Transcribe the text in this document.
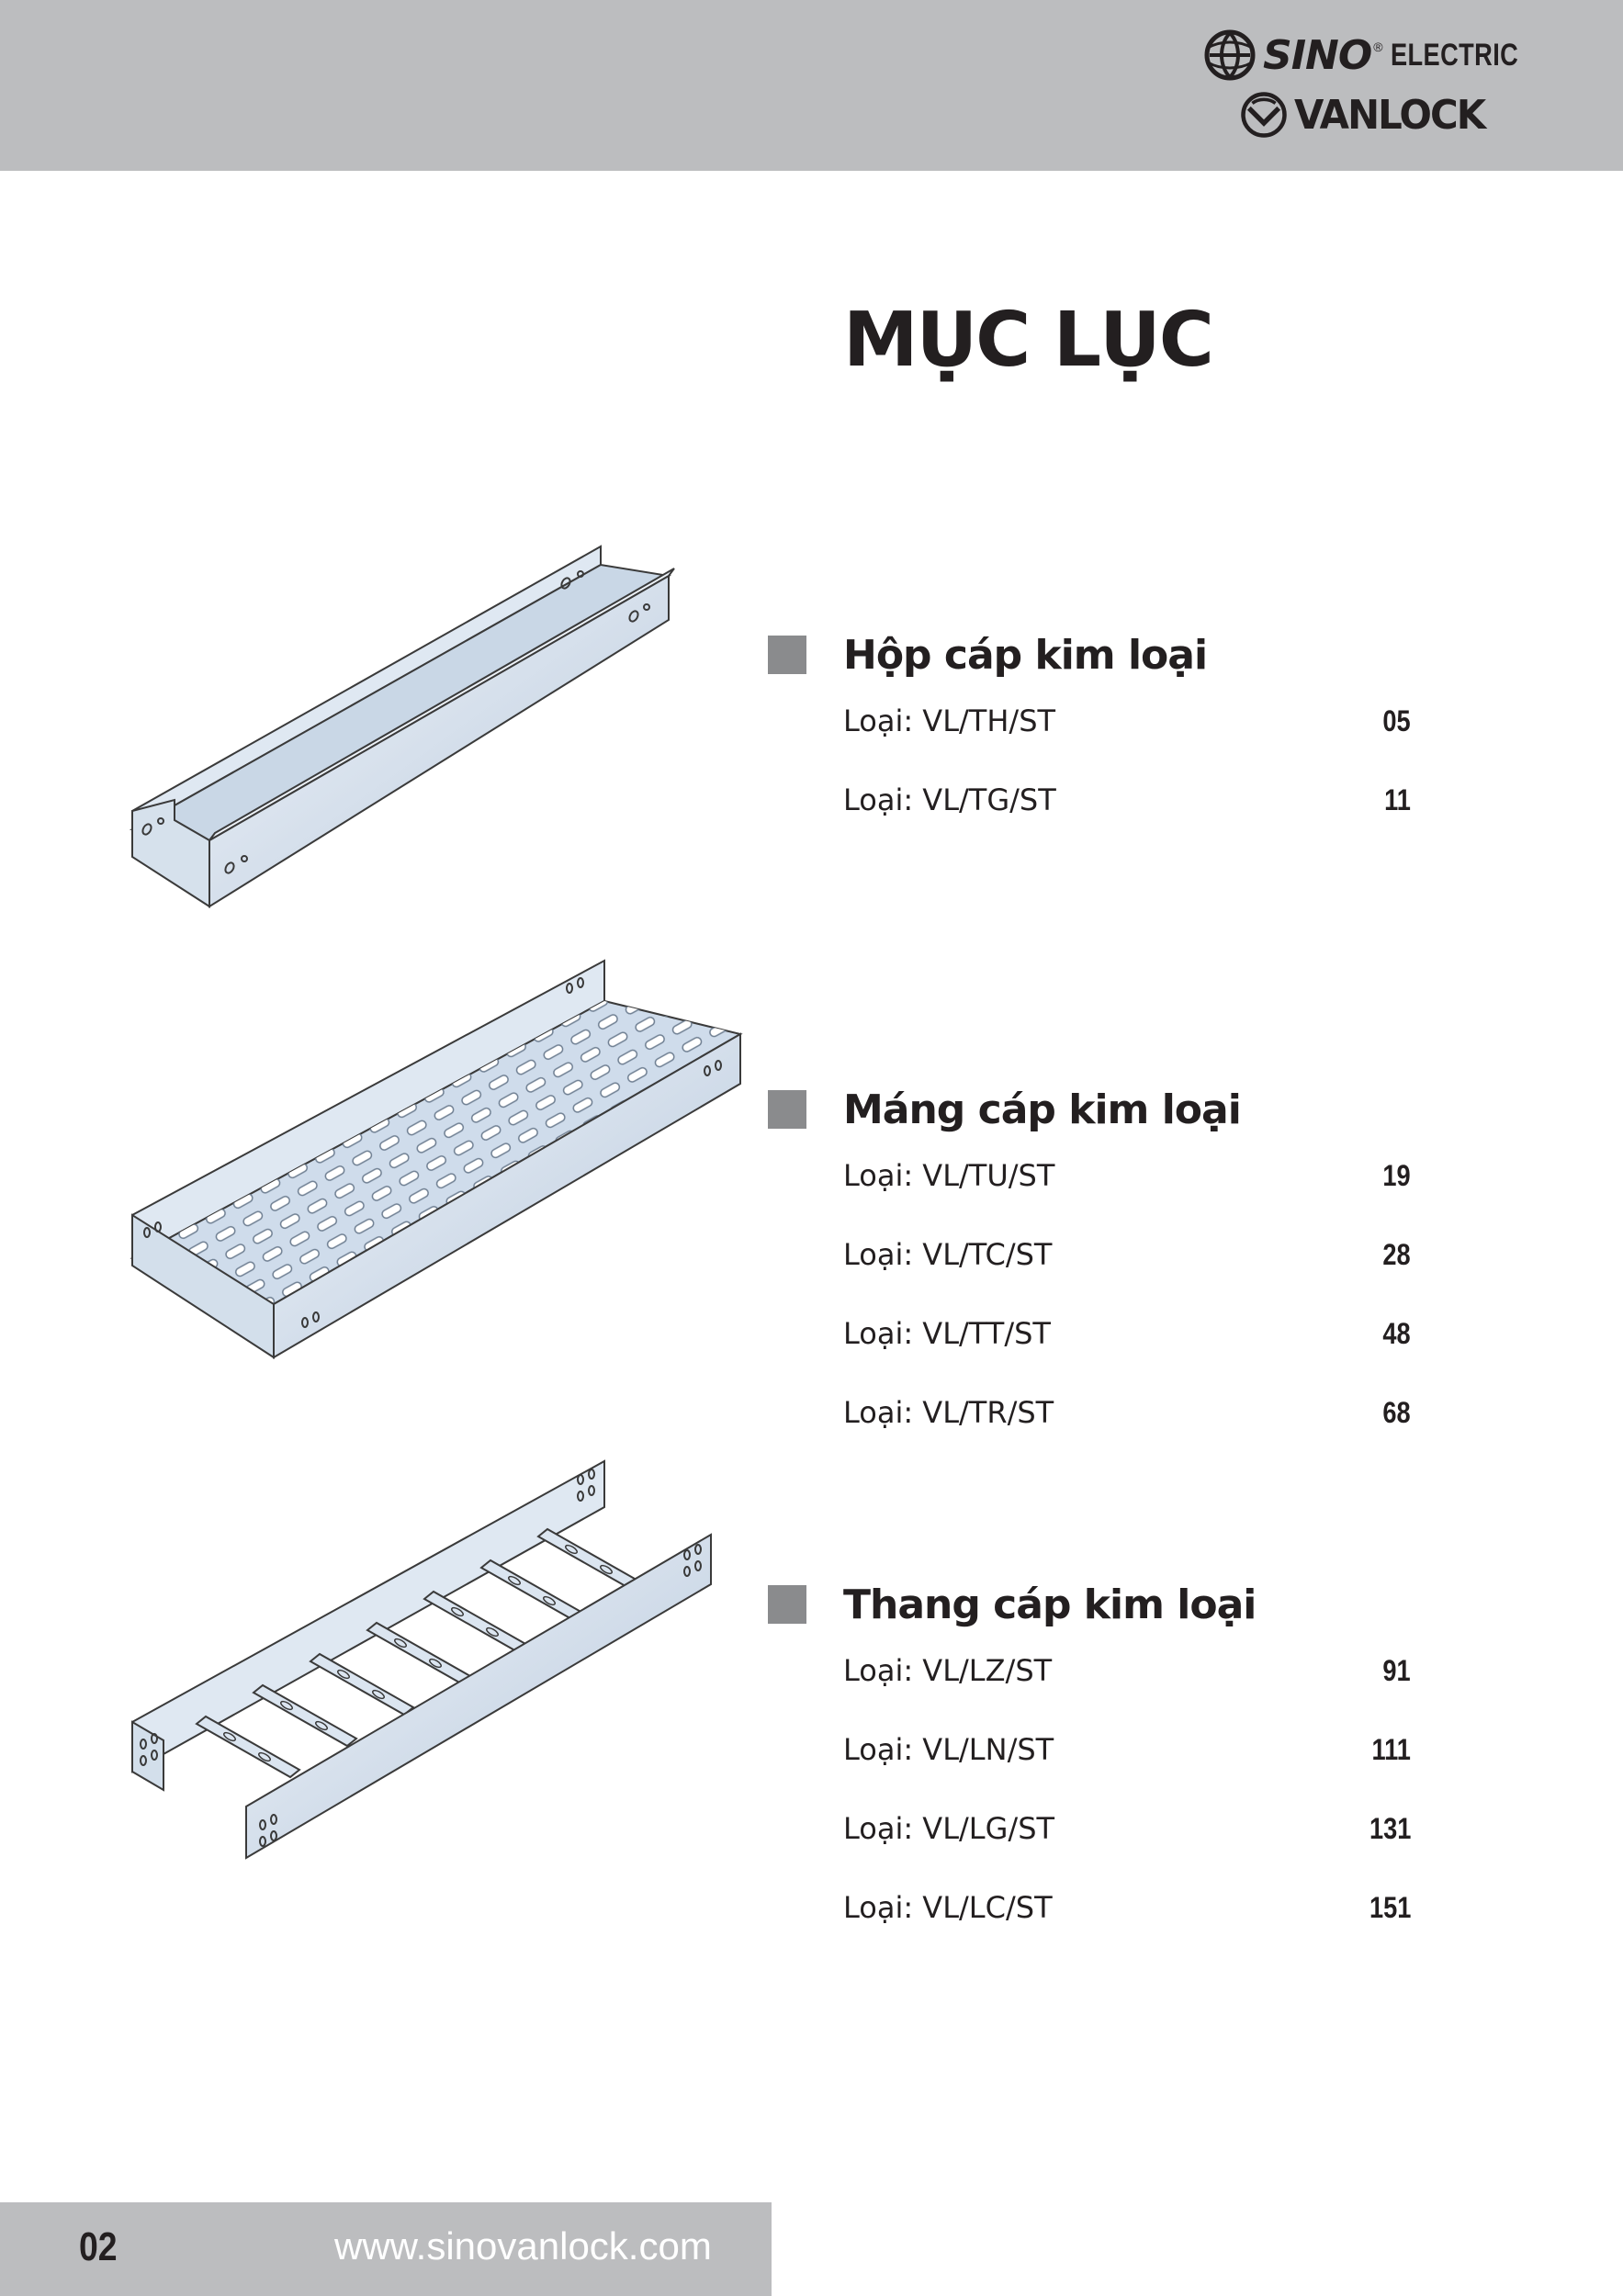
SINO ® ELECTRIC
VANLOCK
MỤC LỤC
Hộp cáp kim loại
Loại: VL/TH/ST	05
Loại: VL/TG/ST	11
Máng cáp kim loại
Loại: VL/TU/ST	19
Loại: VL/TC/ST	28
Loại: VL/TT/ST	48
Loại: VL/TR/ST	68
Thang cáp kim loại
Loại: VL/LZ/ST	91
Loại: VL/LN/ST	111
Loại: VL/LG/ST	131
Loại: VL/LC/ST	151
02	www.sinovanlock.com
